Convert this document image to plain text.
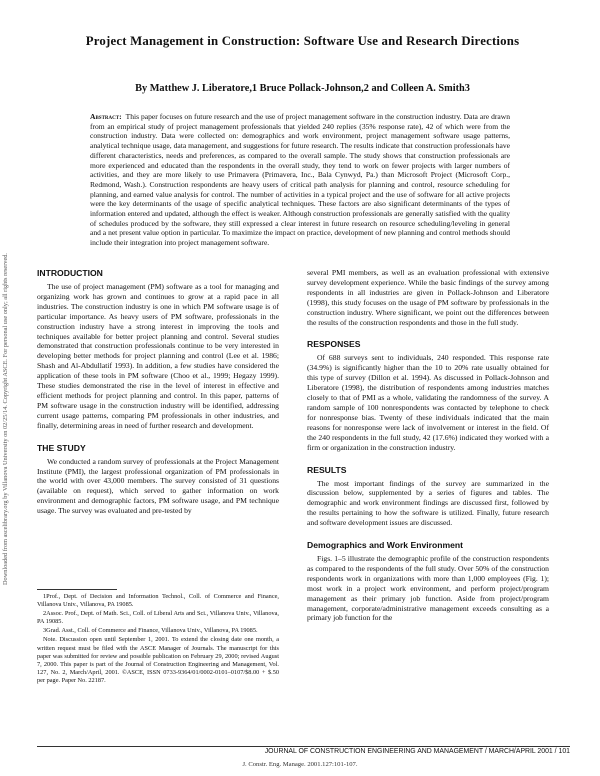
Downloaded from ascelibrary.org by Villanova University on 02/25/14. Copyright ASCE. For personal use only; all rights reserved.
Project Management in Construction: Software Use and Research Directions
By Matthew J. Liberatore,1 Bruce Pollack-Johnson,2 and Colleen A. Smith3
Abstract: This paper focuses on future research and the use of project management software in the construction industry. Data are drawn from an empirical study of project management professionals that yielded 240 replies (35% response rate), 42 of which were from the construction industry. Data were collected on: demographics and work environment, project management software usage patterns, analytical technique usage, data management, and suggestions for future research. The results indicate that construction professionals have different characteristics, needs and preferences, as compared to the overall sample. The study shows that construction professionals are more experienced and educated than the respondents in the overall study, they tend to work on fewer projects with larger numbers of activities, and they are more likely to use Primavera (Primavera, Inc., Bala Cynwyd, Pa.) than Microsoft Project (Microsoft Corp., Redmond, Wash.). Construction respondents are heavy users of critical path analysis for planning and control, resource scheduling for planning, and earned value analysis for control. The number of activities in a typical project and the use of software for all active projects were the key determinants of the usage of specific analytical techniques. These factors are also significant determinants of the types of information entered and updated, although the effect is weaker. Although construction professionals are generally satisfied with the quality of schedules produced by the software, they still expressed a clear interest in future research on resource scheduling/leveling in general and a net present value option in particular. To maximize the impact on practice, development of new planning and control methods should include their integration into project management software.
INTRODUCTION

The use of project management (PM) software as a tool for managing and organizing work has grown and continues to grow at a rapid pace in all industries. The construction industry is one in which PM software usage is of particular importance. As heavy users of PM software, professionals in the construction industry have a strong interest in improving the tools and techniques available for better project planning and control. Several studies demonstrated that construction professionals continue to be very interested in developing better methods for project planning and control (Lee et al. 1986; Shash and Al-Abdullatif 1993). In addition, a few studies have considered the application of these tools in PM software (Choo et al., 1999; Hegazy 1999). These studies demonstrated the rise in the level of interest in effective and efficient methods for project planning and control. In this paper, patterns of PM software usage in the construction industry will be identified, addressing current usage patterns, comparing PM professionals in other industries, and finally, determining areas in need of further research and development.

THE STUDY

We conducted a random survey of professionals at the Project Management Institute (PMI), the largest professional organization of PM professionals in the world with over 43,000 members. The survey consisted of 31 questions (available on request), which served to gather information on work environment and demographic factors, PM software usage, and PM technique usage. The survey was evaluated and pre-tested by

1Prof., Dept. of Decision and Information Technol., Coll. of Commerce and Finance, Villanova Univ., Villanova, PA 19085.

2Assoc. Prof., Dept. of Math. Sci., Coll. of Liberal Arts and Sci., Villanova Univ., Villanova, PA 19085.

3Grad. Asst., Coll. of Commerce and Finance, Villanova Univ., Villanova, PA 19085.

Note. Discussion open until September 1, 2001. To extend the closing date one month, a written request must be filed with the ASCE Manager of Journals. The manuscript for this paper was submitted for review and possible publication on February 29, 2000; revised August 7, 2000. This paper is part of the Journal of Construction Engineering and Management, Vol. 127, No. 2, March/April, 2001. ©ASCE, ISSN 0733-9364/01/0002-0101–0107/$8.00 + $.50 per page. Paper No. 22187.

several PMI members, as well as an evaluation professional with extensive survey development experience. While the basic findings of the survey among respondents in all industries are given in Pollack-Johnson and Liberatore (1998), this study focuses on the usage of PM software by professionals in the construction industry. Where significant, we point out the differences between the results of the construction respondents and those in the full study.

RESPONSES

Of 688 surveys sent to individuals, 240 responded. This response rate (34.9%) is significantly higher than the 10 to 20% rate usually obtained for this type of survey (Dillon et al. 1994). As discussed in Pollack-Johnson and Liberatore (1998), the distribution of respondents among industries matches closely to that of PMI as a whole, validating the randomness of the survey. A random sample of 100 nonrespondents was contacted by telephone to check for nonresponse bias. Twenty of these individuals indicated that the main reasons for nonresponse were lack of involvement or interest in the field. Of the 240 respondents in the full study, 42 (17.6%) indicated they worked with a firm or organization in the construction industry.

RESULTS

The most important findings of the survey are summarized in the discussion below, supplemented by a series of figures and tables. The demographic and work environment findings are discussed first, followed by the results pertaining to how the software is utilized. Finally, future research and software development issues are discussed.

Demographics and Work Environment

Figs. 1–5 illustrate the demographic profile of the construction respondents as compared to the respondents of the full study. Over 50% of the construction respondents work in organizations with more than 1,000 employees (Fig. 1); most work in a project work environment, and perform project/program management as their primary job function. Aside from project/program management, corporate/administrative management exceeds consulting as a primary job function for the

JOURNAL OF CONSTRUCTION ENGINEERING AND MANAGEMENT / MARCH/APRIL 2001 / 101
J. Constr. Eng. Manage. 2001.127:101-107.
